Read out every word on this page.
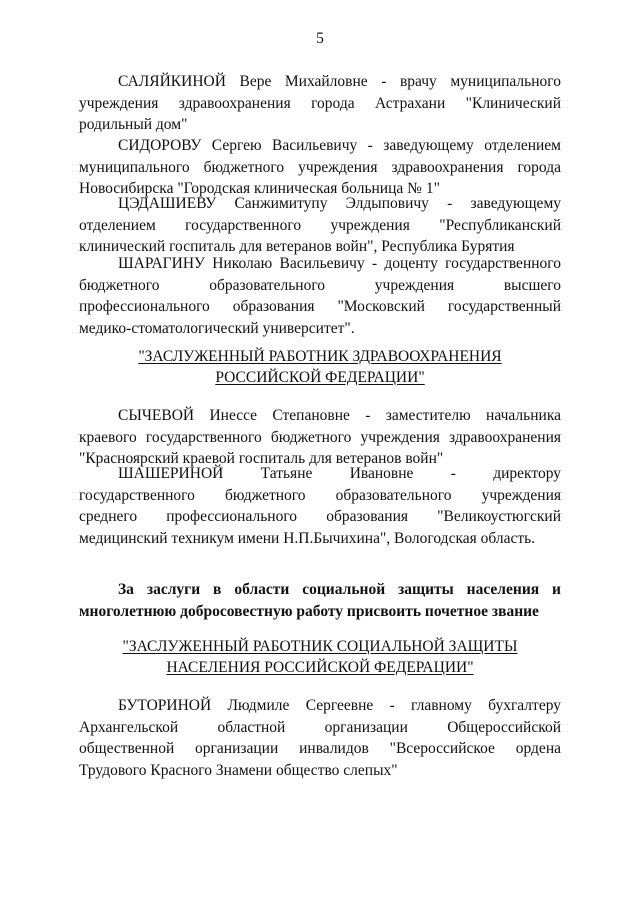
5

САЛЯЙКИНОЙ Вере Михайловне - врачу муниципального

учреждения здравоохранения города Астрахани "Клинический

родильный дом"

СИДОРОВУ Сергею Васильевичу - заведующему отделением

муниципального бюджетного учреждения здравоохранения города

Новосибирска "Городская клиническая больница № 1"

ЦЭДАШИЕВУ Санжимитупу Элдыповичу - заведующему

отделением государственного учреждения "Республиканский

клинический госпиталь для ветеранов войн", Республика Бурятия

ШАРАГИНУ Николаю Васильевичу - доценту государственного

бюджетного образовательного учреждения высшего

профессионального образования "Московский государственный

медико-стоматологический университет".

"ЗАСЛУЖЕННЫЙ РАБОТНИК ЗДРАВООХРАНЕНИЯ
РОССИЙСКОЙ ФЕДЕРАЦИИ"

СЫЧЕВОЙ Инессе Степановне - заместителю начальника

краевого государственного бюджетного учреждения здравоохранения

"Красноярский краевой госпиталь для ветеранов войн"

ШАШЕРИНОЙ Татьяне Ивановне - директору

государственного бюджетного образовательного учреждения

среднего профессионального образования "Великоустюгский

медицинский техникум имени Н.П.Бычихина", Вологодская область.

За заслуги в области социальной защиты населения и

многолетнюю добросовестную работу присвоить почетное звание

"ЗАСЛУЖЕННЫЙ РАБОТНИК СОЦИАЛЬНОЙ ЗАЩИТЫ
НАСЕЛЕНИЯ РОССИЙСКОЙ ФЕДЕРАЦИИ"

БУТОРИНОЙ Людмиле Сергеевне - главному бухгалтеру

Архангельской областной организации Общероссийской

общественной организации инвалидов "Всероссийское ордена

Трудового Красного Знамени общество слепых"
